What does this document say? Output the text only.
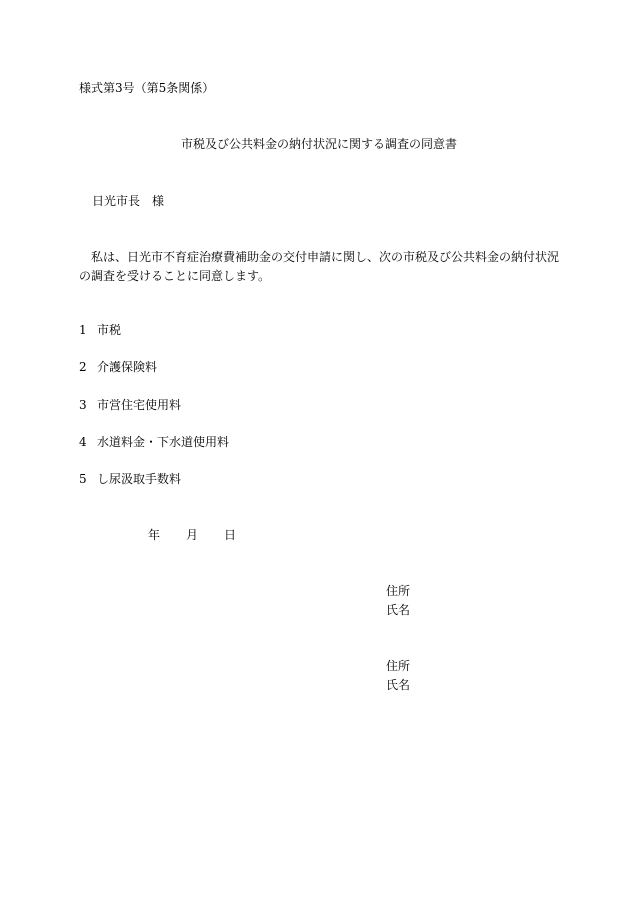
様式第3号（第5条関係）
市税及び公共料金の納付状況に関する調査の同意書
日光市長 様
私は、日光市不育症治療費補助金の交付申請に関し、次の市税及び公共料金の納付状況の調査を受けることに同意します。
1 市税
2 介護保険料
3 市営住宅使用料
4 水道料金・下水道使用料
5 し尿汲取手数料
年 月 日
住所
氏名
住所
氏名
